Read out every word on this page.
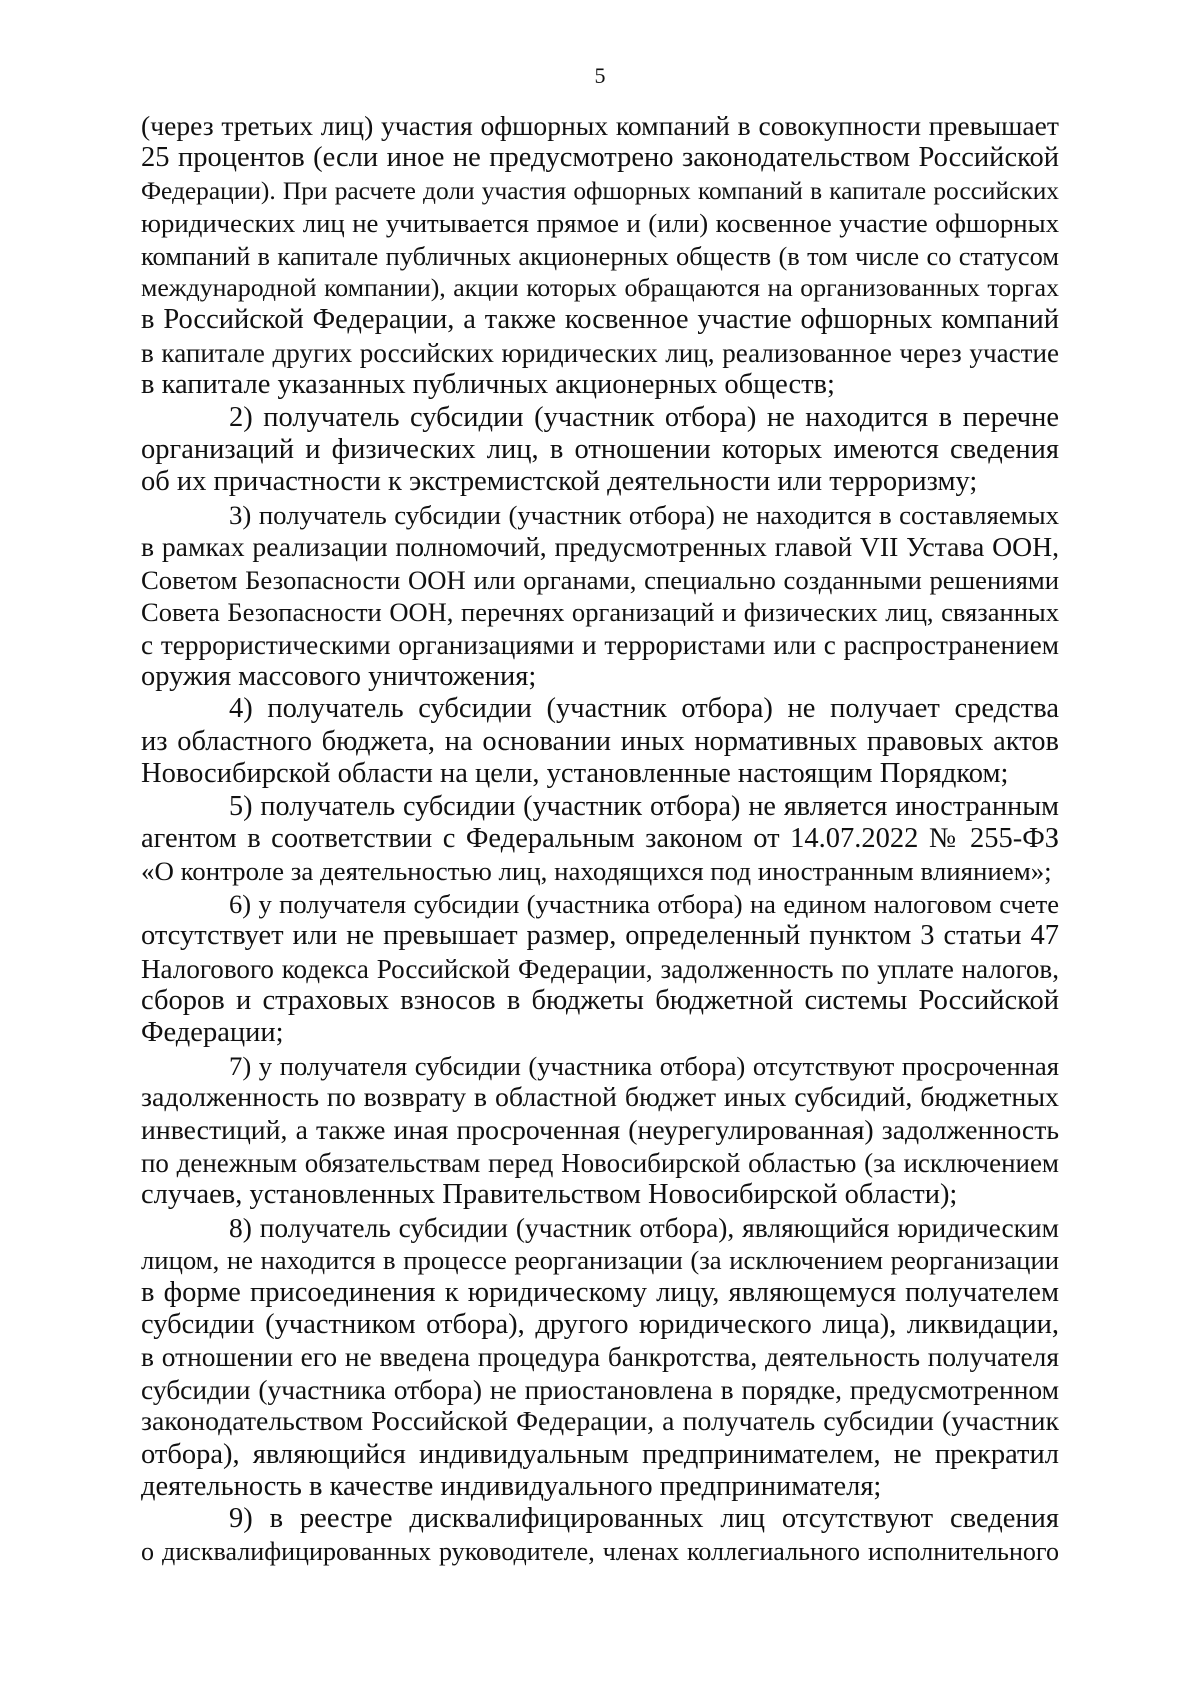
5
(через третьих лиц) участия офшорных компаний в совокупности превышает
25 процентов (если иное не предусмотрено законодательством Российской
Федерации). При расчете доли участия офшорных компаний в капитале российских
юридических лиц не учитывается прямое и (или) косвенное участие офшорных
компаний в капитале публичных акционерных обществ (в том числе со статусом
международной компании), акции которых обращаются на организованных торгах
в Российской Федерации, а также косвенное участие офшорных компаний
в капитале других российских юридических лиц, реализованное через участие
в капитале указанных публичных акционерных обществ;
2) получатель субсидии (участник отбора) не находится в перечне
организаций и физических лиц, в отношении которых имеются сведения
об их причастности к экстремистской деятельности или терроризму;
3) получатель субсидии (участник отбора) не находится в составляемых
в рамках реализации полномочий, предусмотренных главой VII Устава ООН,
Советом Безопасности ООН или органами, специально созданными решениями
Совета Безопасности ООН, перечнях организаций и физических лиц, связанных
с террористическими организациями и террористами или с распространением
оружия массового уничтожения;
4) получатель субсидии (участник отбора) не получает средства
из областного бюджета, на основании иных нормативных правовых актов
Новосибирской области на цели, установленные настоящим Порядком;
5) получатель субсидии (участник отбора) не является иностранным
агентом в соответствии с Федеральным законом от 14.07.2022 № 255-ФЗ
«О контроле за деятельностью лиц, находящихся под иностранным влиянием»;
6) у получателя субсидии (участника отбора) на едином налоговом счете
отсутствует или не превышает размер, определенный пунктом 3 статьи 47
Налогового кодекса Российской Федерации, задолженность по уплате налогов,
сборов и страховых взносов в бюджеты бюджетной системы Российской
Федерации;
7) у получателя субсидии (участника отбора) отсутствуют просроченная
задолженность по возврату в областной бюджет иных субсидий, бюджетных
инвестиций, а также иная просроченная (неурегулированная) задолженность
по денежным обязательствам перед Новосибирской областью (за исключением
случаев, установленных Правительством Новосибирской области);
8) получатель субсидии (участник отбора), являющийся юридическим
лицом, не находится в процессе реорганизации (за исключением реорганизации
в форме присоединения к юридическому лицу, являющемуся получателем
субсидии (участником отбора), другого юридического лица), ликвидации,
в отношении его не введена процедура банкротства, деятельность получателя
субсидии (участника отбора) не приостановлена в порядке, предусмотренном
законодательством Российской Федерации, а получатель субсидии (участник
отбора), являющийся индивидуальным предпринимателем, не прекратил
деятельность в качестве индивидуального предпринимателя;
9) в реестре дисквалифицированных лиц отсутствуют сведения
о дисквалифицированных руководителе, членах коллегиального исполнительного
